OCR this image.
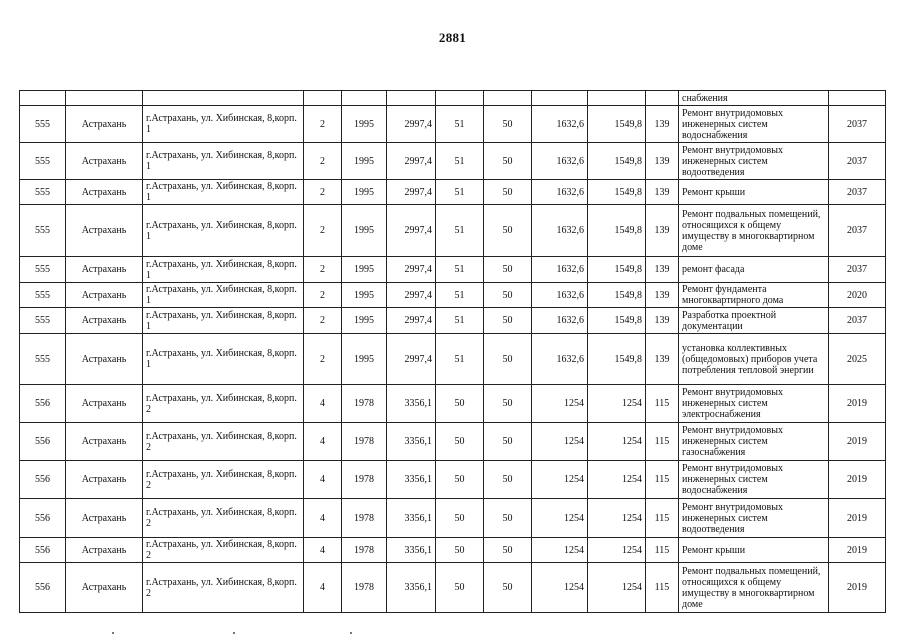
2881
											снабжения	
555	Астрахань	г.Астрахань, ул. Хибинская, 8,корп. 1	2	1995	2997,4	51	50	1632,6	1549,8	139	Ремонт внутридомовых инженерных систем водоснабжения	2037
555	Астрахань	г.Астрахань, ул. Хибинская, 8,корп. 1	2	1995	2997,4	51	50	1632,6	1549,8	139	Ремонт внутридомовых инженерных систем водоотведения	2037
555	Астрахань	г.Астрахань, ул. Хибинская, 8,корп. 1	2	1995	2997,4	51	50	1632,6	1549,8	139	Ремонт крыши	2037
555	Астрахань	г.Астрахань, ул. Хибинская, 8,корп. 1	2	1995	2997,4	51	50	1632,6	1549,8	139	Ремонт подвальных помещений, относящихся к общему имуществу в многоквартирном доме	2037
555	Астрахань	г.Астрахань, ул. Хибинская, 8,корп. 1	2	1995	2997,4	51	50	1632,6	1549,8	139	ремонт фасада	2037
555	Астрахань	г.Астрахань, ул. Хибинская, 8,корп. 1	2	1995	2997,4	51	50	1632,6	1549,8	139	Ремонт фундамента многоквартирного дома	2020
555	Астрахань	г.Астрахань, ул. Хибинская, 8,корп. 1	2	1995	2997,4	51	50	1632,6	1549,8	139	Разработка проектной документации	2037
555	Астрахань	г.Астрахань, ул. Хибинская, 8,корп. 1	2	1995	2997,4	51	50	1632,6	1549,8	139	установка коллективных (общедомовых) приборов учета потребления тепловой энергии	2025
556	Астрахань	г.Астрахань, ул. Хибинская, 8,корп. 2	4	1978	3356,1	50	50	1254	1254	115	Ремонт внутридомовых инженерных систем электроснабжения	2019
556	Астрахань	г.Астрахань, ул. Хибинская, 8,корп. 2	4	1978	3356,1	50	50	1254	1254	115	Ремонт внутридомовых инженерных систем газоснабжения	2019
556	Астрахань	г.Астрахань, ул. Хибинская, 8,корп. 2	4	1978	3356,1	50	50	1254	1254	115	Ремонт внутридомовых инженерных систем водоснабжения	2019
556	Астрахань	г.Астрахань, ул. Хибинская, 8,корп. 2	4	1978	3356,1	50	50	1254	1254	115	Ремонт внутридомовых инженерных систем водоотведения	2019
556	Астрахань	г.Астрахань, ул. Хибинская, 8,корп. 2	4	1978	3356,1	50	50	1254	1254	115	Ремонт крыши	2019
556	Астрахань	г.Астрахань, ул. Хибинская, 8,корп. 2	4	1978	3356,1	50	50	1254	1254	115	Ремонт подвальных помещений, относящихся к общему имуществу в многоквартирном доме	2019
